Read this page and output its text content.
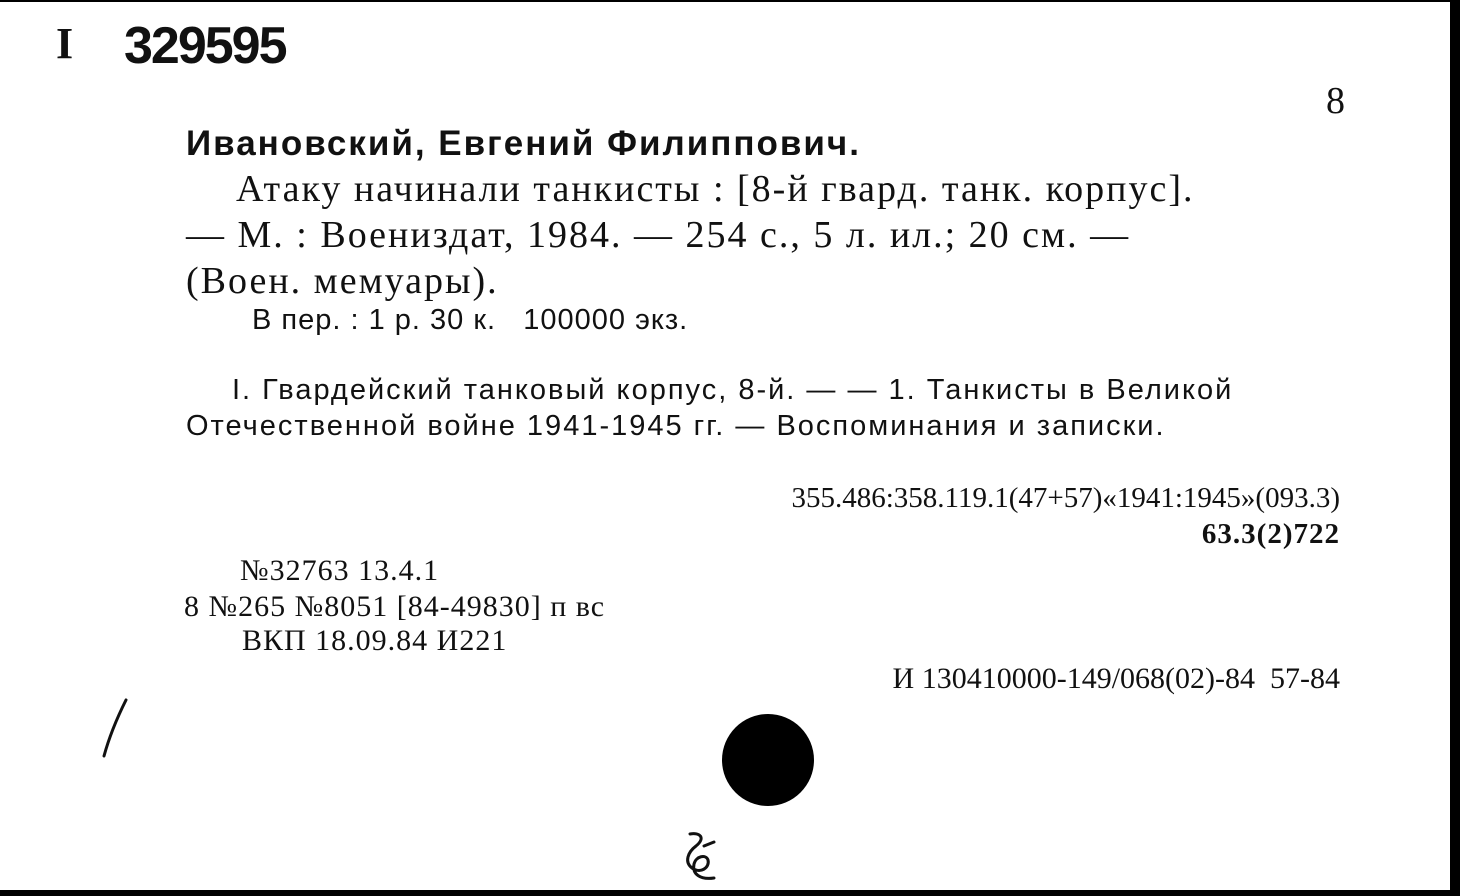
I 329595
8
Ивановский, Евгений Филиппович.
Атаку начинали танкисты : [8-й гвард. танк. корпус].
— М. : Воениздат, 1984. — 254 с., 5 л. ил.; 20 см. —
(Воен. мемуары).
В пер. : 1 р. 30 к.   100000 экз.
I. Гвардейский танковый корпус, 8-й. — — 1. Танкисты в Великой
Отечественной войне 1941-1945 гг. — Воспоминания и записки.
355.486:358.119.1(47+57)«1941:1945»(093.3)
63.3(2)722
№32763 13.4.1
8 №265 №8051 [84-49830] п вс
ВКП 18.09.84 И221
И 130410000-149/068(02)-84  57-84
